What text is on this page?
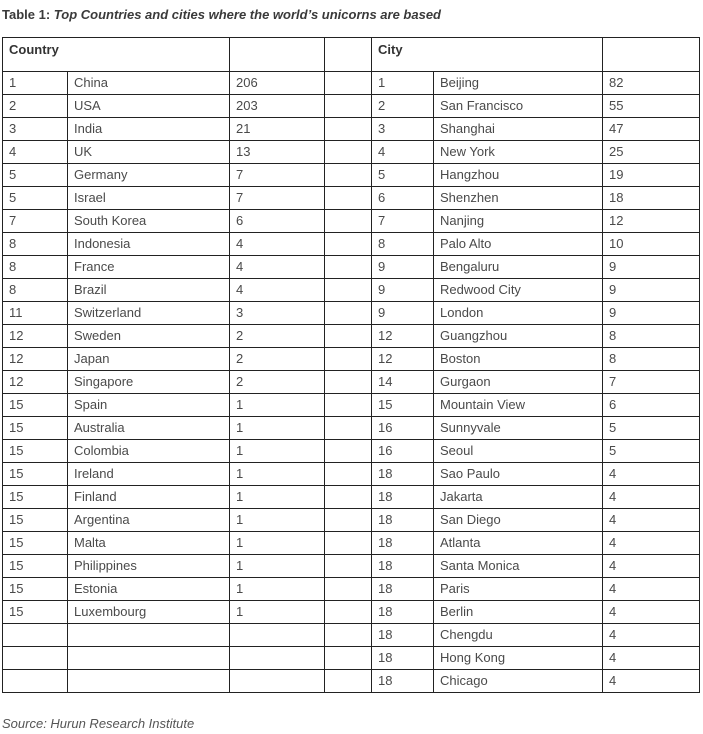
Table 1: Top Countries and cities where the world’s unicorns are based
Country				City		
1	China	206		1	Beijing	82
2	USA	203		2	San Francisco	55
3	India	21		3	Shanghai	47
4	UK	13		4	New York	25
5	Germany	7		5	Hangzhou	19
5	Israel	7		6	Shenzhen	18
7	South Korea	6		7	Nanjing	12
8	Indonesia	4		8	Palo Alto	10
8	France	4		9	Bengaluru	9
8	Brazil	4		9	Redwood City	9
11	Switzerland	3		9	London	9
12	Sweden	2		12	Guangzhou	8
12	Japan	2		12	Boston	8
12	Singapore	2		14	Gurgaon	7
15	Spain	1		15	Mountain View	6
15	Australia	1		16	Sunnyvale	5
15	Colombia	1		16	Seoul	5
15	Ireland	1		18	Sao Paulo	4
15	Finland	1		18	Jakarta	4
15	Argentina	1		18	San Diego	4
15	Malta	1		18	Atlanta	4
15	Philippines	1		18	Santa Monica	4
15	Estonia	1		18	Paris	4
15	Luxembourg	1		18	Berlin	4
				18	Chengdu	4
				18	Hong Kong	4
				18	Chicago	4
Source: Hurun Research Institute
